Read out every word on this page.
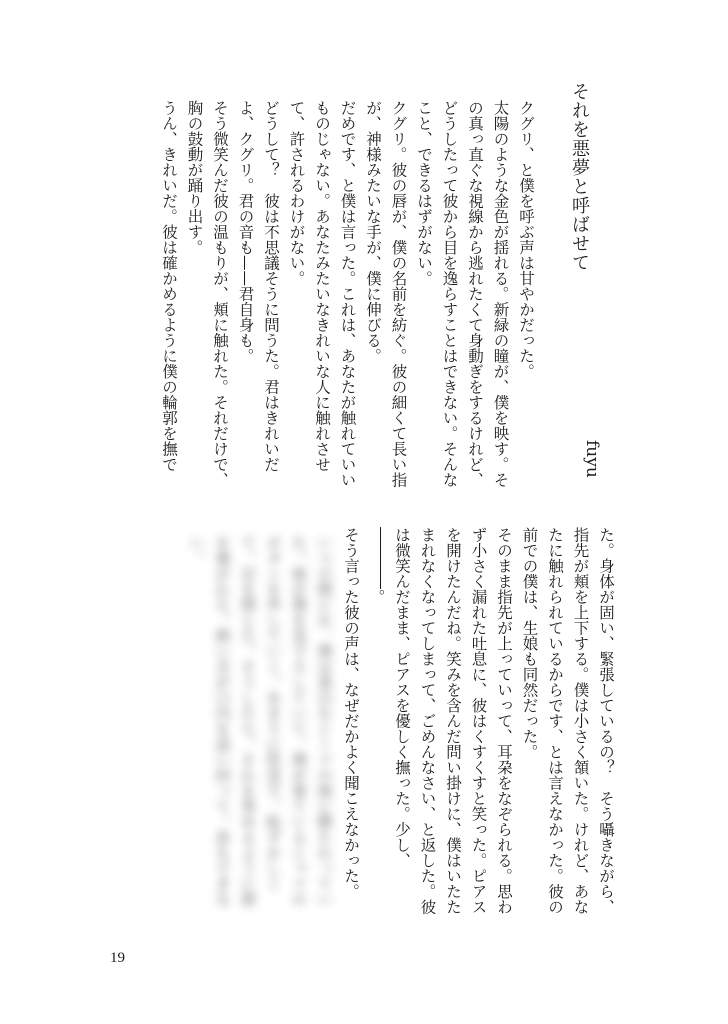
それを悪夢と呼ばせて
fuyu

クグリ、と僕を呼ぶ声は甘やかだった。

太陽のような金色が揺れる。新緑の瞳が、僕を映す。その真っ直ぐな視線から逃れたくて身動ぎをするけれど、どうしたって彼から目を逸らすことはできない。そんなこと、できるはずがない。

クグリ。彼の唇が、僕の名前を紡ぐ。彼の細くて長い指が、神様みたいな手が、僕に伸びる。

だめです、と僕は言った。これは、あなたが触れていいものじゃない。あなたみたいなきれいな人に触れさせて、許されるわけがない。

どうして？　彼は不思議そうに問うた。君はきれいだよ、クグリ。君の音も——君自身も。

そう微笑んだ彼の温もりが、頬に触れた。それだけで、胸の鼓動が踊り出す。

うん、きれいだ。彼は確かめるように僕の輪郭を撫で

た。身体が固い、緊張しているの？　そう囁きながら、指先が頬を上下する。僕は小さく頷いた。けれど、あなたに触れられているからです、とは言えなかった。彼の前での僕は、生娘も同然だった。

そのまま指先が上っていって、耳朶をなぞられる。思わず小さく漏れた吐息に、彼はくすくすと笑った。ピアスを開けたんだね。笑みを含んだ問い掛けに、僕はいたたまれなくなってしまって、ごめんなさい、と返した。彼は微笑んだまま、ピアスを優しく撫った。少し、。

そう言った彼の声は、なぜだかよく聞こえなかった。

いつの間にか、僕は真白なシーツの海に横たわっていた。彼が僕を見下ろしていて、僕が着ているシャツのボタンを外していく。あまりに性急で、恥ずかしくて、目を閉じた。そうしたら、それを咎めるように唇を塞がれた。熱い舌が口内を這い回って、息もできない。
19
